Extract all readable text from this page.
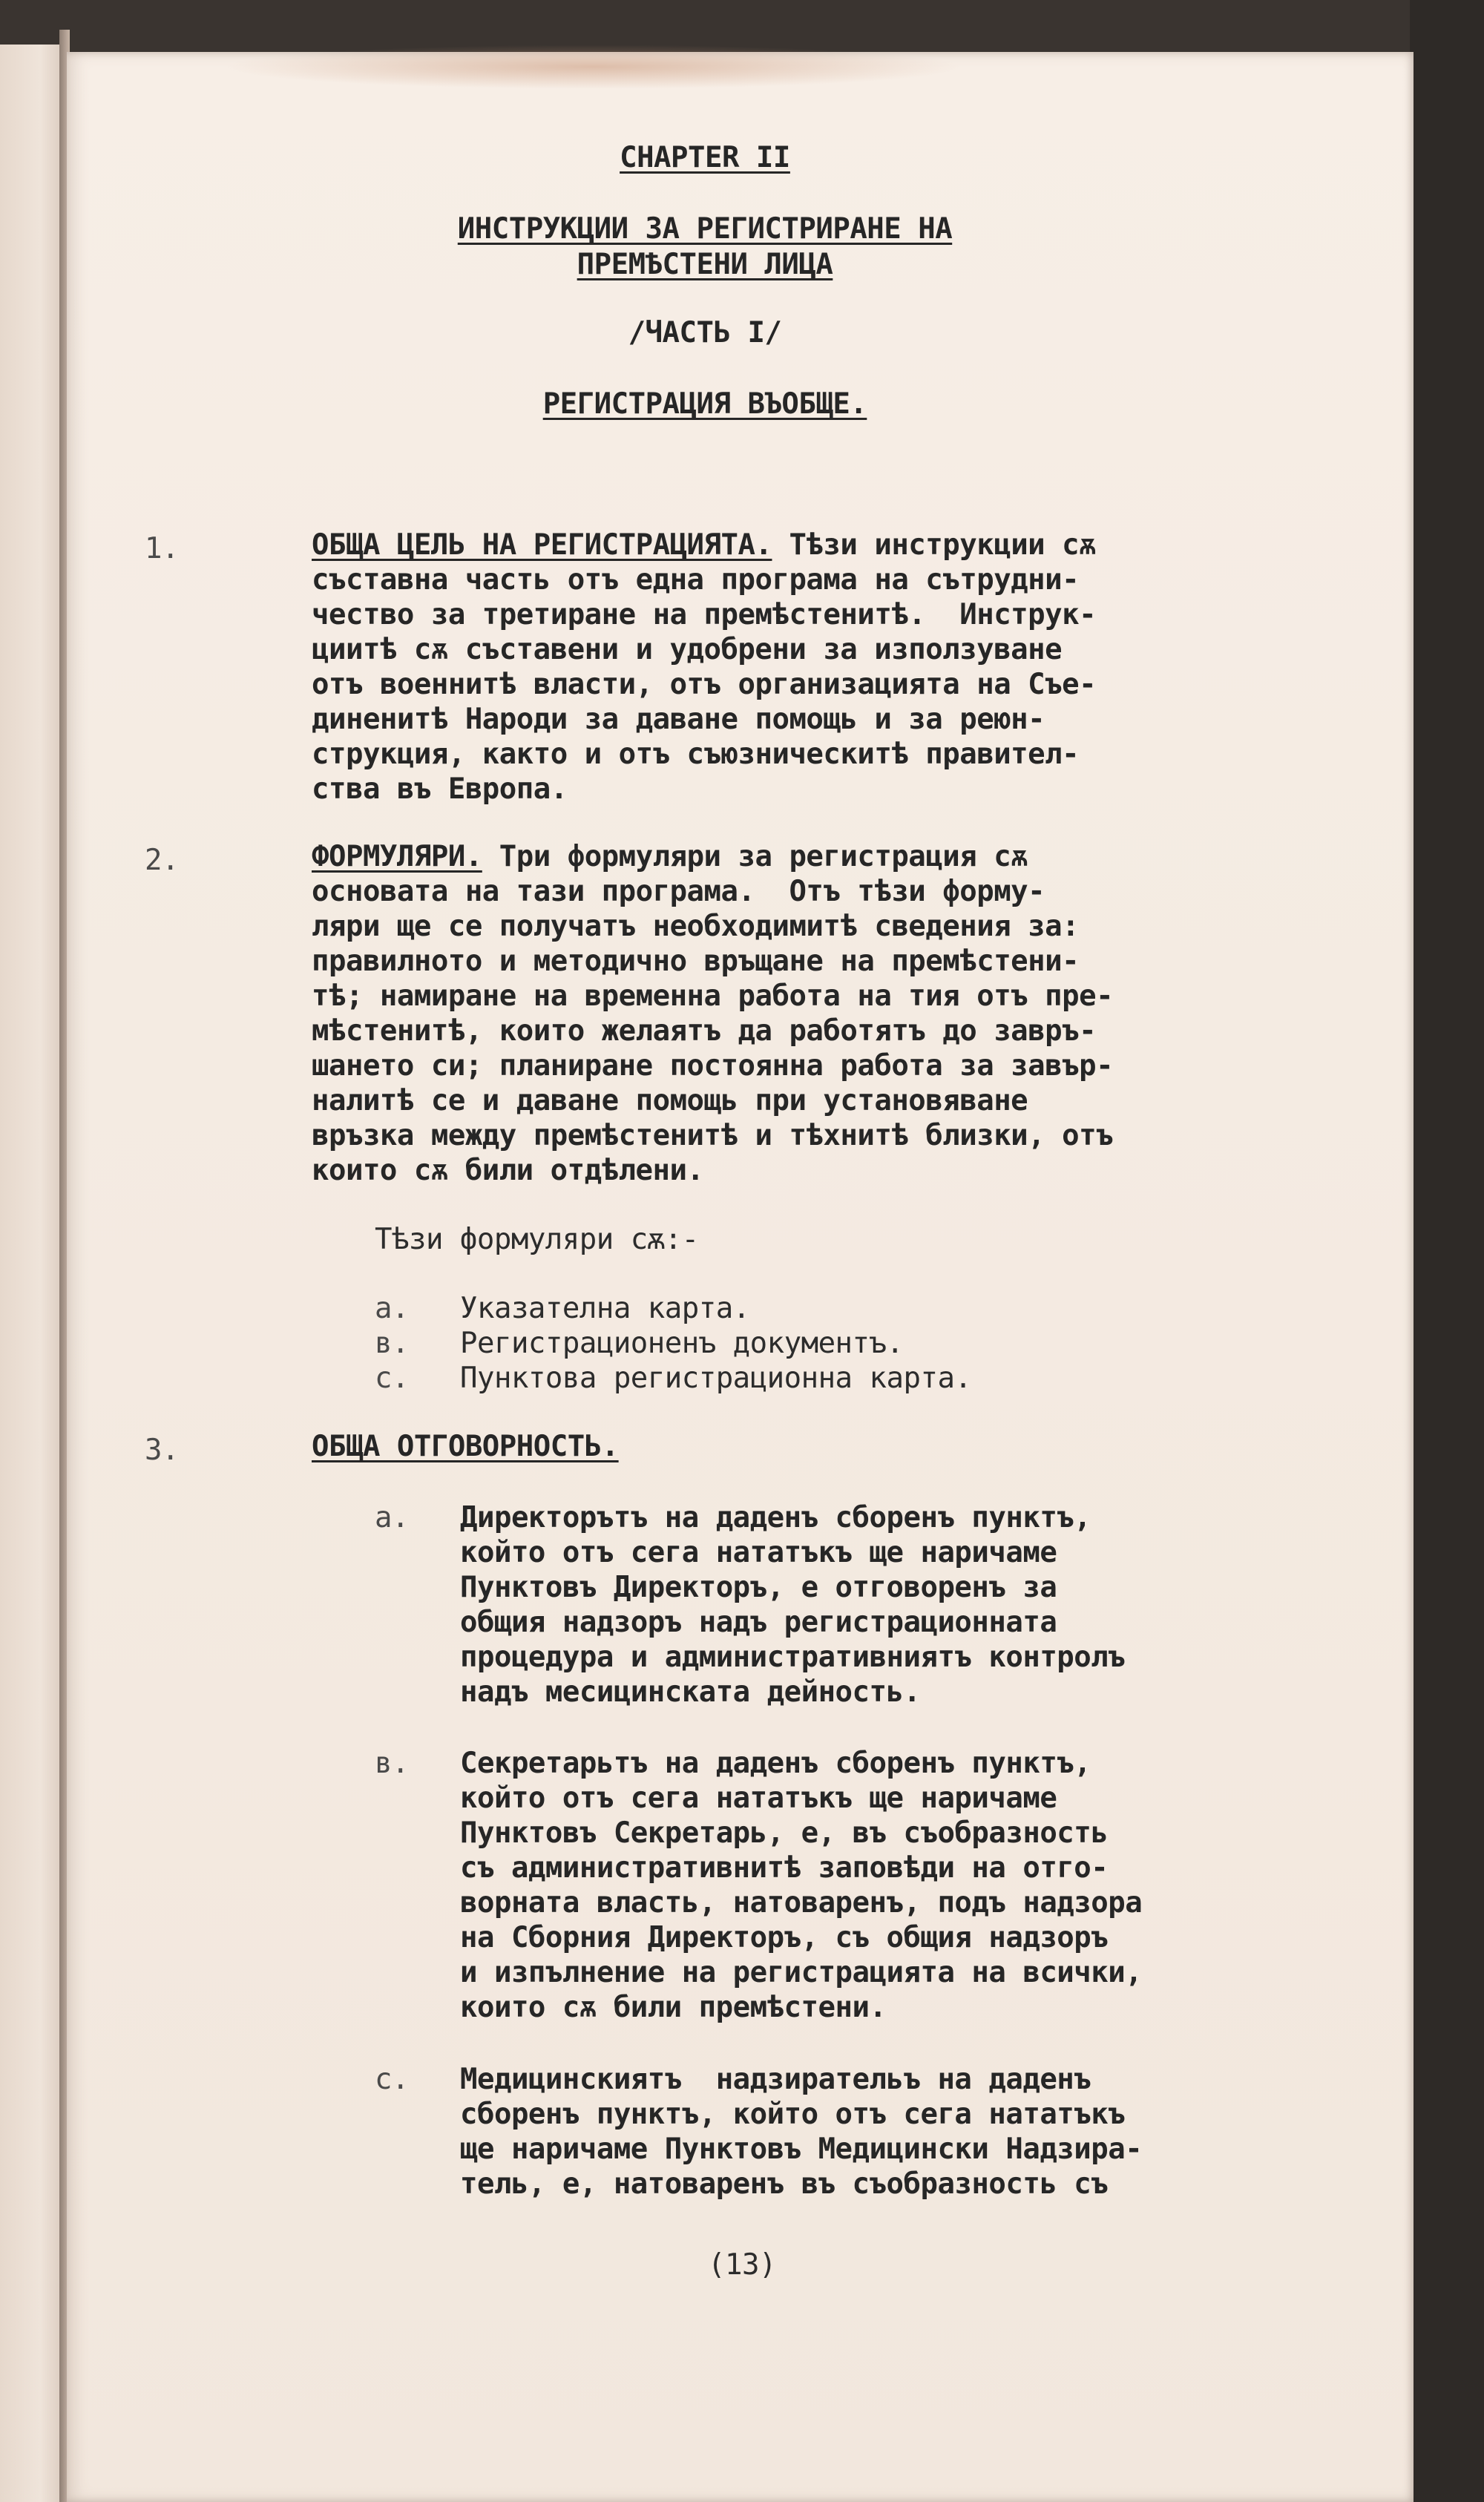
CHAPTER II
ИНСТРУКЦИИ ЗА РЕГИСТРИРАНЕ НА
ПРЕМѢСТЕНИ ЛИЦА
/ЧАСТЬ I/
РЕГИСТРАЦИЯ ВЪОБЩЕ.
1.	ОБЩА ЦЕЛЬ НА РЕГИСТРАЦИЯТА. Тѣзи инструкции сѫ
съставна часть отъ една програма на сътрудни-
чество за третиране на премѣстенитѣ.  Инструк-
циитѣ сѫ съставени и удобрени за използуване
отъ военнитѣ власти, отъ организацията на Съе-
диненитѣ Народи за даване помощь и за реюн-
струкция, както и отъ съюзническитѣ правител-
ства въ Европа.
2.	ФОРМУЛЯРИ. Три формуляри за регистрация сѫ
основата на тази програма.  Отъ тѣзи форму-
ляри ще се получатъ необходимитѣ сведения за:
правилното и методично връщане на премѣстени-
тѣ; намиране на временна работа на тия отъ пре-
мѣстенитѣ, които желаятъ да работятъ до завръ-
шането си; планиране постоянна работа за завър-
налитѣ се и даване помощь при установяване
връзка между премѣстенитѣ и тѣхнитѣ близки, отъ
които сѫ били отдѣлени.
Тѣзи формуляри сѫ:-
а. Указателна карта.
в. Регистрационенъ документъ.
с. Пунктова регистрационна карта.
3.	ОБЩА ОТГОВОРНОСТЬ.
а. Директорътъ на даденъ сборенъ пунктъ,
който отъ сега нататъкъ ще наричаме
Пунктовъ Директоръ, е отговоренъ за
общия надзоръ надъ регистрационната
процедура и административниятъ контролъ
надъ месицинската дейность.
в. Секретарьтъ на даденъ сборенъ пунктъ,
който отъ сега нататъкъ ще наричаме
Пунктовъ Секретарь, е, въ съобразность
съ административнитѣ заповѣди на отго-
ворната власть, натоваренъ, подъ надзора
на Сборния Директоръ, съ общия надзоръ
и изпълнение на регистрацията на всички,
които сѫ били премѣстени.
с. Медицинскиятъ  надзирательъ на даденъ
сборенъ пунктъ, който отъ сега нататъкъ
ще наричаме Пунктовъ Медицински Надзира-
тель, е, натоваренъ въ съобразность съ
(13)
